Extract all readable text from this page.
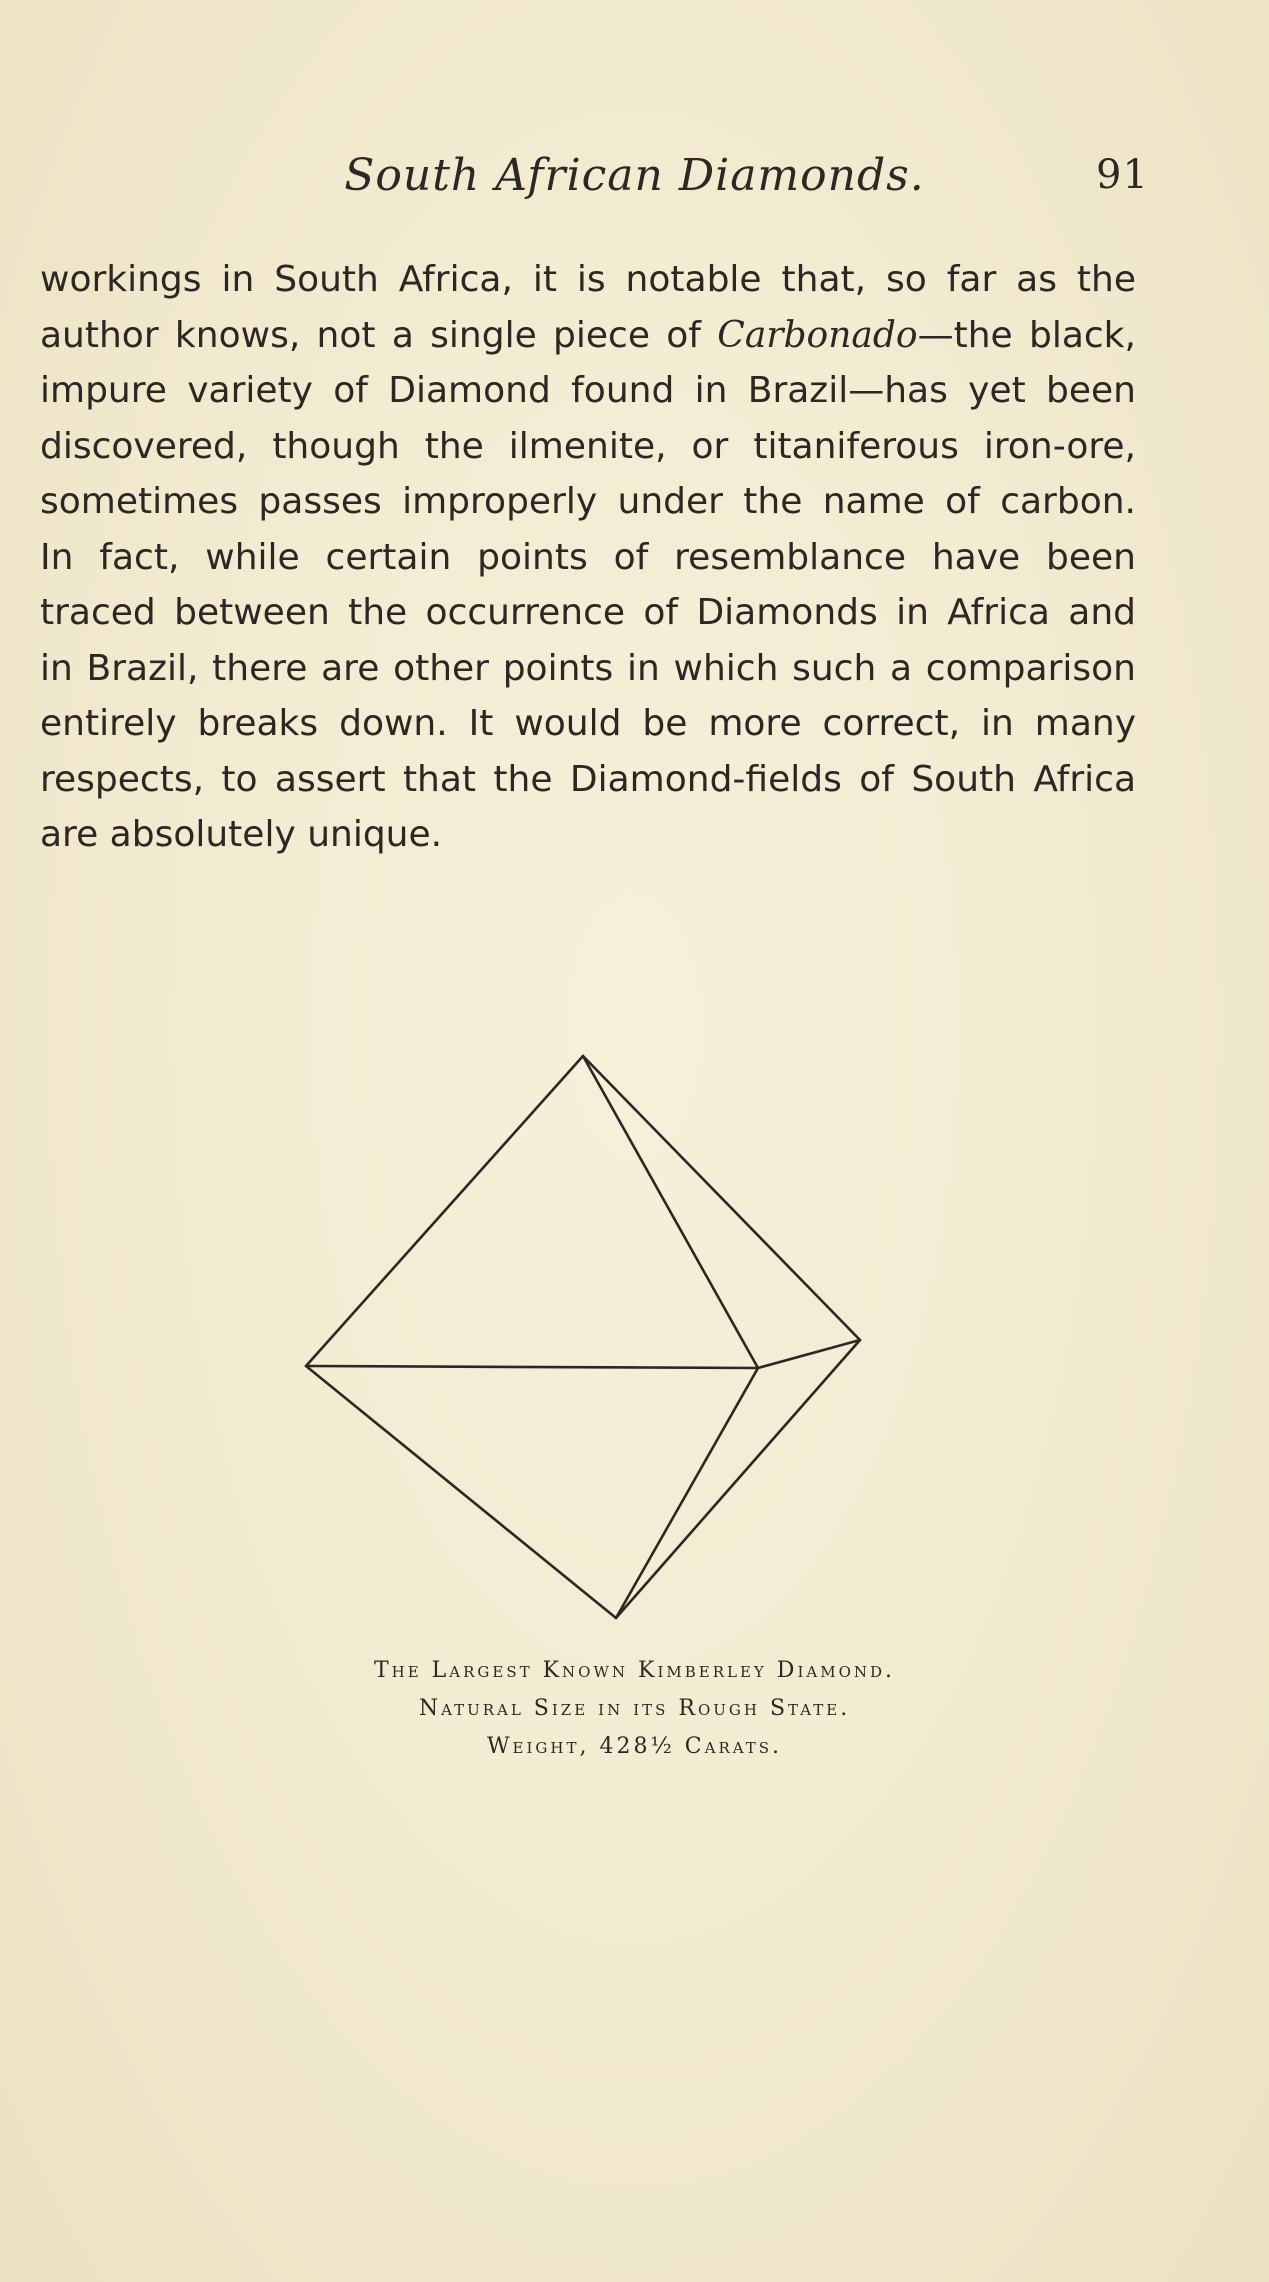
South African Diamonds.	91
workings in South Africa, it is notable that, so far as the
author knows, not a single piece of Carbonado—the black,
impure variety of Diamond found in Brazil—has yet been
discovered, though the ilmenite, or titaniferous iron-ore,
sometimes passes improperly under the name of carbon.
In fact, while certain points of resemblance have been
traced between the occurrence of Diamonds in Africa and
in Brazil, there are other points in which such a comparison
entirely breaks down. It would be more correct, in many
respects, to assert that the Diamond-fields of South Africa
are absolutely unique.
The Largest Known Kimberley Diamond.
Natural Size in its Rough State.
Weight, 428½ Carats.
